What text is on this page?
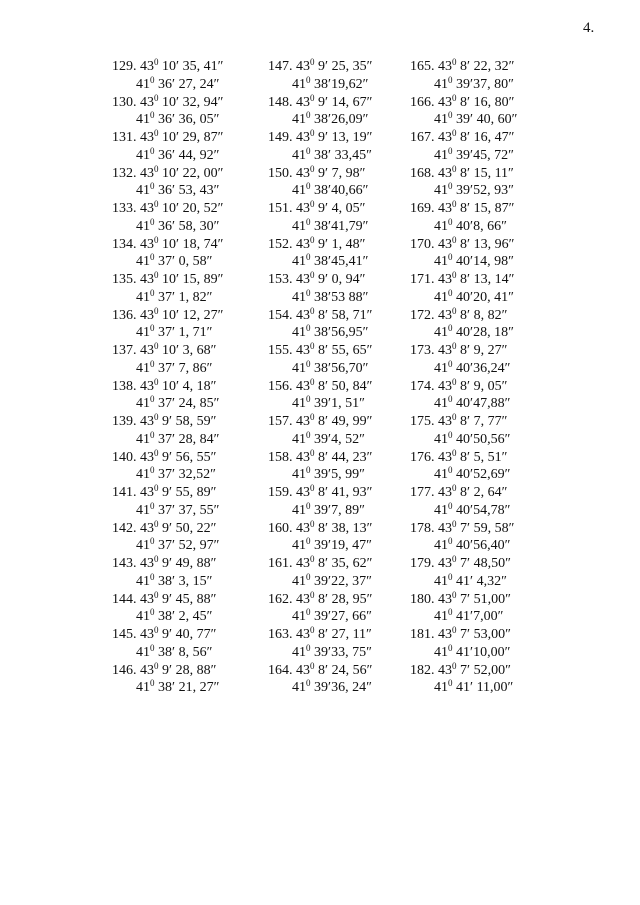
4.
129. $43^0$ 10′ 35, 41″
$41^0$ 36′ 27, 24″
130. $43^0$ 10′ 32, 94″
$41^0$ 36′ 36, 05″
131. $43^0$ 10′ 29, 87″
$41^0$ 36′ 44, 92″
132. $43^0$ 10′ 22, 00″
$41^0$ 36′ 53, 43″
133. $43^0$ 10′ 20, 52″
$41^0$ 36′ 58, 30″
134. $43^0$ 10′ 18, 74″
$41^0$ 37′ 0, 58″
135. $43^0$ 10′ 15, 89″
$41^0$ 37′ 1, 82″
136. $43^0$ 10′ 12, 27″
$41^0$ 37′ 1, 71″
137. $43^0$ 10′ 3, 68″
$41^0$ 37′ 7, 86″
138. $43^0$ 10′ 4, 18″
$41^0$ 37′ 24, 85″
139. $43^0$ 9′ 58, 59″
$41^0$ 37′ 28, 84″
140. $43^0$ 9′ 56, 55″
$41^0$ 37′ 32,52″
141. $43^0$ 9′ 55, 89″
$41^0$ 37′ 37, 55″
142. $43^0$ 9′ 50, 22″
$41^0$ 37′ 52, 97″
143. $43^0$ 9′ 49, 88″
$41^0$ 38′ 3, 15″
144. $43^0$ 9′ 45, 88″
$41^0$ 38′ 2, 45″
145. $43^0$ 9′ 40, 77″
$41^0$ 38′ 8, 56″
146. $43^0$ 9′ 28, 88″
$41^0$ 38′ 21, 27″
147. $43^0$ 9′ 25, 35″
$41^0$ 38′19,62″
148. $43^0$ 9′ 14, 67″
$41^0$ 38′26,09″
149. $43^0$ 9′ 13, 19″
$41^0$ 38′ 33,45″
150. $43^0$ 9′ 7, 98″
$41^0$ 38′40,66″
151. $43^0$ 9′ 4, 05″
$41^0$ 38′41,79″
152. $43^0$ 9′ 1, 48″
$41^0$ 38′45,41″
153. $43^0$ 9′ 0, 94″
$41^0$ 38′53 88″
154. $43^0$ 8′ 58, 71″
$41^0$ 38′56,95″
155. $43^0$ 8′ 55, 65″
$41^0$ 38′56,70″
156. $43^0$ 8′ 50, 84″
$41^0$ 39′1, 51″
157. $43^0$ 8′ 49, 99″
$41^0$ 39′4, 52″
158. $43^0$ 8′ 44, 23″
$41^0$ 39′5, 99″
159. $43^0$ 8′ 41, 93″
$41^0$ 39′7, 89″
160. $43^0$ 8′ 38, 13″
$41^0$ 39′19, 47″
161. $43^0$ 8′ 35, 62″
$41^0$ 39′22, 37″
162. $43^0$ 8′ 28, 95″
$41^0$ 39′27, 66″
163. $43^0$ 8′ 27, 11″
$41^0$ 39′33, 75″
164. $43^0$ 8′ 24, 56″
$41^0$ 39′36, 24″
165. $43^0$ 8′ 22, 32″
$41^0$ 39′37, 80″
166. $43^0$ 8′ 16, 80″
$41^0$ 39′ 40, 60″
167. $43^0$ 8′ 16, 47″
$41^0$ 39′45, 72″
168. $43^0$ 8′ 15, 11″
$41^0$ 39′52, 93″
169. $43^0$ 8′ 15, 87″
$41^0$ 40′8, 66″
170. $43^0$ 8′ 13, 96″
$41^0$ 40′14, 98″
171. $43^0$ 8′ 13, 14″
$41^0$ 40′20, 41″
172. $43^0$ 8′ 8, 82″
$41^0$ 40′28, 18″
173. $43^0$ 8′ 9, 27″
$41^0$ 40′36,24″
174. $43^0$ 8′ 9, 05″
$41^0$ 40′47,88″
175. $43^0$ 8′ 7, 77″
$41^0$ 40′50,56″
176. $43^0$ 8′ 5, 51″
$41^0$ 40′52,69″
177. $43^0$ 8′ 2, 64″
$41^0$ 40′54,78″
178. $43^0$ 7′ 59, 58″
$41^0$ 40′56,40″
179. $43^0$ 7′ 48,50″
$41^0$ 41′ 4,32″
180. $43^0$ 7′ 51,00″
$41^0$ 41′7,00″
181. $43^0$ 7′ 53,00″
$41^0$ 41′10,00″
182. $43^0$ 7′ 52,00″
$41^0$ 41′ 11,00″
